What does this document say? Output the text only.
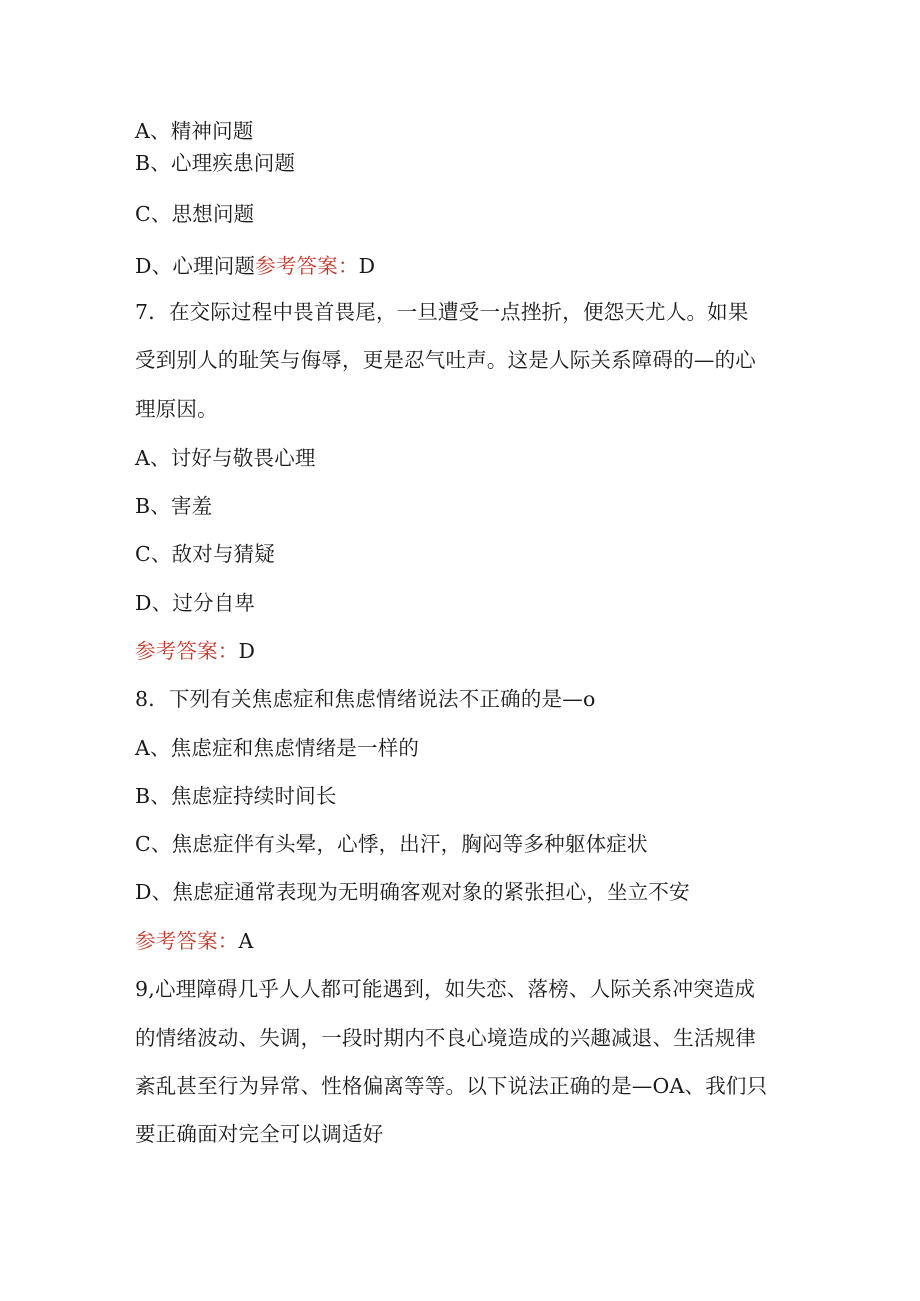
A、精神问题
B、心理疾患问题
C、思想问题
D、心理问题参考答案：D
7．在交际过程中畏首畏尾，一旦遭受一点挫折，便怨天尤人。如果
受到别人的耻笑与侮辱，更是忍气吐声。这是人际关系障碍的—的心
理原因。
A、讨好与敬畏心理
B、害羞
C、敌对与猜疑
D、过分自卑
参考答案：D
8．下列有关焦虑症和焦虑情绪说法不正确的是—o
A、焦虑症和焦虑情绪是一样的
B、焦虑症持续时间长
C、焦虑症伴有头晕，心悸，出汗，胸闷等多种躯体症状
D、焦虑症通常表现为无明确客观对象的紧张担心，坐立不安
参考答案：A
9,心理障碍几乎人人都可能遇到，如失恋、落榜、人际关系冲突造成
的情绪波动、失调，一段时期内不良心境造成的兴趣减退、生活规律
紊乱甚至行为异常、性格偏离等等。以下说法正确的是—OA、我们只
要正确面对完全可以调适好
